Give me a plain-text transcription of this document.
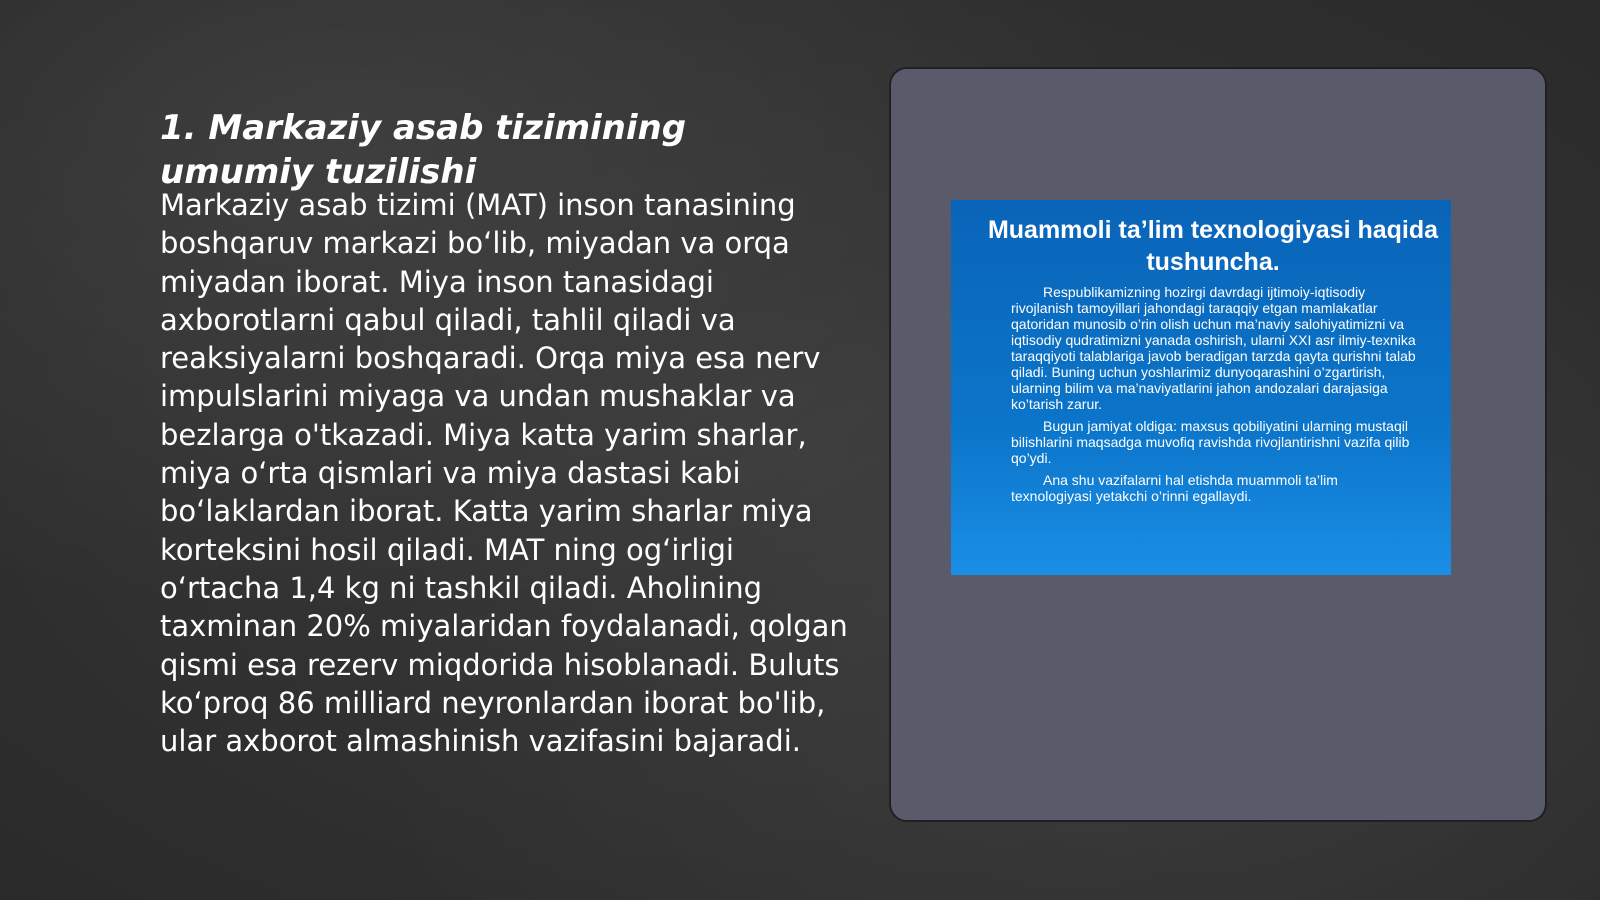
1. Markaziy asab tizimining umumiy tuzilishi

Markaziy asab tizimi (MAT) inson tanasining boshqaruv markazi boʻlib, miyadan va orqa miyadan iborat. Miya inson tanasidagi axborotlarni qabul qiladi, tahlil qiladi va reaksiyalarni boshqaradi. Orqa miya esa nerv impulslarini miyaga va undan mushaklar va bezlarga o'tkazadi. Miya katta yarim sharlar, miya oʻrta qismlari va miya dastasi kabi boʻlaklardan iborat. Katta yarim sharlar miya korteksini hosil qiladi. MAT ning ogʻirligi oʻrtacha 1,4 kg ni tashkil qiladi. Aholining taxminan 20% miyalaridan foydalanadi, qolgan qismi esa rezerv miqdorida hisoblanadi. Buluts koʻproq 86 milliard neyronlardan iborat bo'lib, ular axborot almashinish vazifasini bajaradi.

Muammoli ta’lim texnologiyasi haqida tushuncha.

Respublikamizning hozirgi davrdagi ijtimoiy-iqtisodiy rivojlanish tamoyillari jahondagi taraqqiy etgan mamlakatlar qatoridan munosib o’rin olish uchun ma’naviy salohiyatimizni va iqtisodiy qudratimizni yanada oshirish, ularni XXI asr ilmiy-texnika taraqqiyoti talablariga javob beradigan tarzda qayta qurishni talab qiladi. Buning uchun yoshlarimiz dunyoqarashini o’zgartirish, ularning bilim va ma’naviyatlarini jahon andozalari darajasiga ko’tarish zarur.

Bugun jamiyat oldiga: maxsus qobiliyatini ularning mustaqil bilishlarini maqsadga muvofiq ravishda rivojlantirishni vazifa qilib qo’ydi.

Ana shu vazifalarni hal etishda muammoli ta’lim texnologiyasi yetakchi o’rinni egallaydi.
